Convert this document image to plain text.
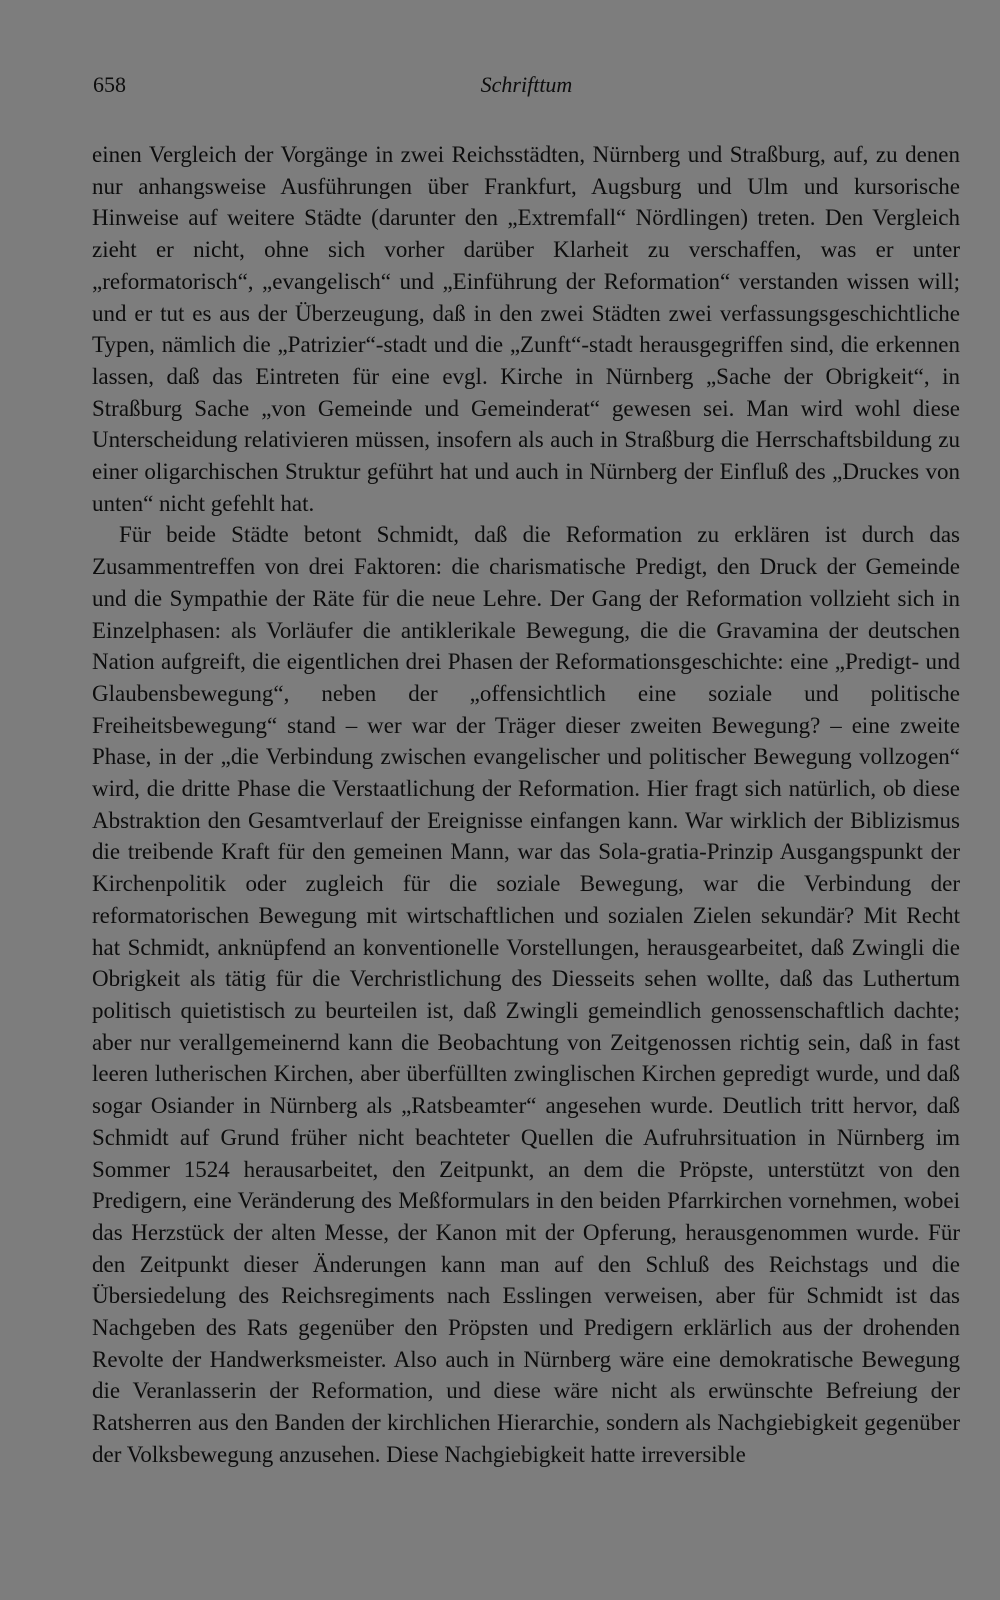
658	Schrifttum

einen Vergleich der Vorgänge in zwei Reichsstädten, Nürnberg und Straßburg, auf, zu denen nur anhangsweise Ausführungen über Frankfurt, Augsburg und Ulm und kursorische Hinweise auf weitere Städte (darunter den „Extremfall“ Nördlingen) treten. Den Vergleich zieht er nicht, ohne sich vorher darüber Klarheit zu verschaffen, was er unter „reformatorisch“, „evangelisch“ und „Einführung der Reformation“ verstanden wissen will; und er tut es aus der Überzeugung, daß in den zwei Städten zwei verfassungsgeschichtliche Typen, nämlich die „Patrizier“-stadt und die „Zunft“-stadt herausgegriffen sind, die erkennen lassen, daß das Eintreten für eine evgl. Kirche in Nürnberg „Sache der Obrigkeit“, in Straßburg Sache „von Gemeinde und Gemeinderat“ gewesen sei. Man wird wohl diese Unterscheidung relativieren müssen, insofern als auch in Straßburg die Herrschaftsbildung zu einer oligarchischen Struktur geführt hat und auch in Nürnberg der Einfluß des „Druckes von unten“ nicht gefehlt hat.

Für beide Städte betont Schmidt, daß die Reformation zu erklären ist durch das Zusammentreffen von drei Faktoren: die charismatische Predigt, den Druck der Gemeinde und die Sympathie der Räte für die neue Lehre. Der Gang der Reformation vollzieht sich in Einzelphasen: als Vorläufer die antiklerikale Bewegung, die die Gravamina der deutschen Nation aufgreift, die eigentlichen drei Phasen der Reformationsgeschichte: eine „Predigt- und Glaubensbewegung“, neben der „offensichtlich eine soziale und politische Freiheitsbewegung“ stand – wer war der Träger dieser zweiten Bewegung? – eine zweite Phase, in der „die Verbindung zwischen evangelischer und politischer Bewegung vollzogen“ wird, die dritte Phase die Verstaatlichung der Reformation. Hier fragt sich natürlich, ob diese Abstraktion den Gesamtverlauf der Ereignisse einfangen kann. War wirklich der Biblizismus die treibende Kraft für den gemeinen Mann, war das Sola-gratia-Prinzip Ausgangspunkt der Kirchenpolitik oder zugleich für die soziale Bewegung, war die Verbindung der reformatorischen Bewegung mit wirtschaftlichen und sozialen Zielen sekundär? Mit Recht hat Schmidt, anknüpfend an konventionelle Vorstellungen, herausgearbeitet, daß Zwingli die Obrigkeit als tätig für die Verchristlichung des Diesseits sehen wollte, daß das Luthertum politisch quietistisch zu beurteilen ist, daß Zwingli gemeindlich genossenschaftlich dachte; aber nur verallgemeinernd kann die Beobachtung von Zeitgenossen richtig sein, daß in fast leeren lutherischen Kirchen, aber überfüllten zwinglischen Kirchen gepredigt wurde, und daß sogar Osiander in Nürnberg als „Ratsbeamter“ angesehen wurde. Deutlich tritt hervor, daß Schmidt auf Grund früher nicht beachteter Quellen die Aufruhrsituation in Nürnberg im Sommer 1524 herausarbeitet, den Zeitpunkt, an dem die Pröpste, unterstützt von den Predigern, eine Veränderung des Meßformulars in den beiden Pfarrkirchen vornehmen, wobei das Herzstück der alten Messe, der Kanon mit der Opferung, herausgenommen wurde. Für den Zeitpunkt dieser Änderungen kann man auf den Schluß des Reichstags und die Übersiedelung des Reichsregiments nach Esslingen verweisen, aber für Schmidt ist das Nachgeben des Rats gegenüber den Pröpsten und Predigern erklärlich aus der drohenden Revolte der Handwerksmeister. Also auch in Nürnberg wäre eine demokratische Bewegung die Veranlasserin der Reformation, und diese wäre nicht als erwünschte Befreiung der Ratsherren aus den Banden der kirchlichen Hierarchie, sondern als Nachgiebigkeit gegenüber der Volksbewegung anzusehen. Diese Nachgiebigkeit hatte irreversible
